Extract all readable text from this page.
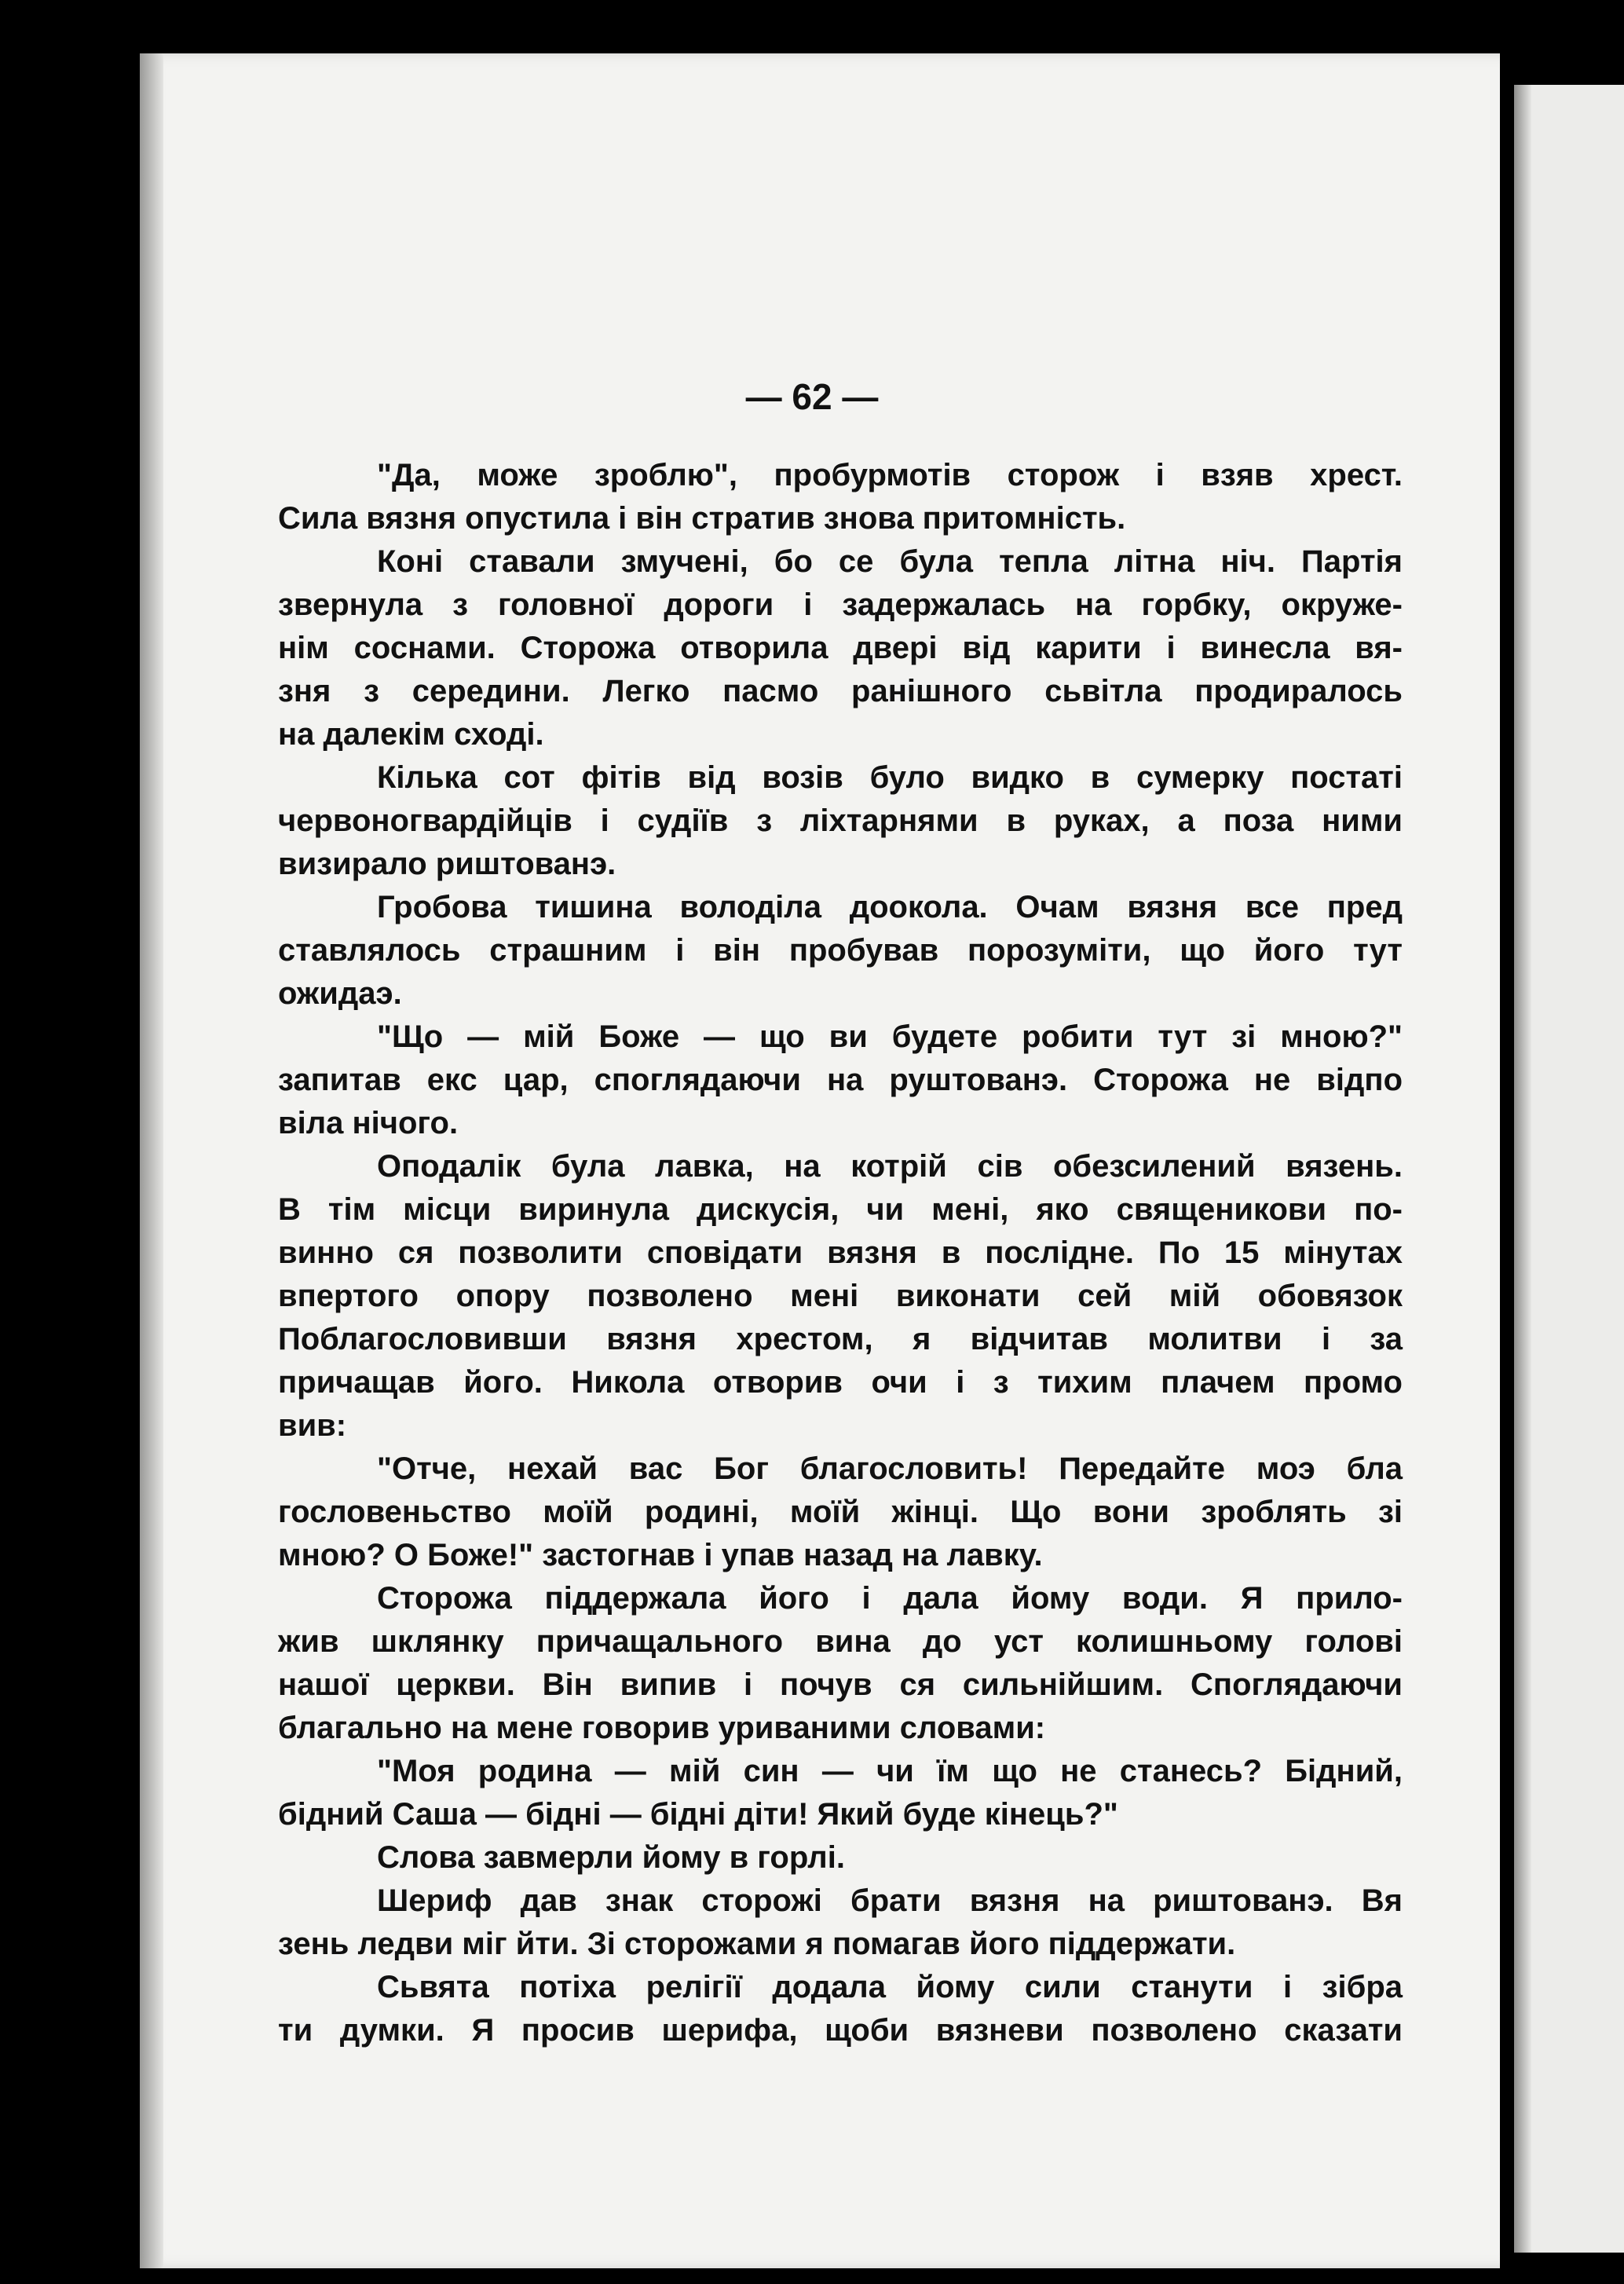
— 62 —
"Да, може зроблю", пробурмотів сторож і взяв хрест.
Сила вязня опустила і він стратив знова притомність.
Коні ставали змучені, бо се була тепла літна ніч. Партія
звернула з головної дороги і задержалась на горбку, окруже-
нім соснами. Сторожа отворила двері від карити і винесла вя-
зня з середини. Легко пасмо ранішного сьвітла продиралось
на далекім сході.
Кілька сот фітів від возів було видко в сумерку постаті
червоногвардійців і судіїв з ліхтарнями в руках, а поза ними
визирало риштованэ.
Гробова тишина володіла доокола. Очам вязня все пред
ставлялось страшним і він пробував порозуміти, що його тут
ожидаэ.
"Що — мій Боже — що ви будете робити тут зі мною?"
запитав екс цар, споглядаючи на руштованэ. Сторожа не відпо
віла нічого.
Оподалік була лавка, на котрій сів обезсилений вязень.
В тім місци виринула дискусія, чи мені, яко священикови по-
винно ся позволити сповідати вязня в послідне. По 15 мінутах
впертого опору позволено мені виконати сей мій обовязок
Поблагословивши вязня хрестом, я відчитав молитви і за
причащав його. Никола отворив очи і з тихим плачем промо
вив:
"Отче, нехай вас Бог благословить! Передайте моэ бла
гословеньство моїй родині, моїй жінці. Що вони зроблять зі
мною? О Боже!" застогнав і упав назад на лавку.
Сторожа піддержала його і дала йому води. Я прило-
жив шклянку причащального вина до уст колишньому голові
нашої церкви. Він випив і почув ся сильнійшим. Споглядаючи
благально на мене говорив уриваними словами:
"Моя родина — мій син — чи їм що не станесь? Бідний,
бідний Саша — бідні — бідні діти! Який буде кінець?"
Слова завмерли йому в горлі.
Шериф дав знак сторожі брати вязня на риштованэ. Вя
зень ледви міг йти. Зі сторожами я помагав його піддержати.
Сьвята потіха релігії додала йому сили станути і зібра
ти думки. Я просив шерифа, щоби вязневи позволено сказати
